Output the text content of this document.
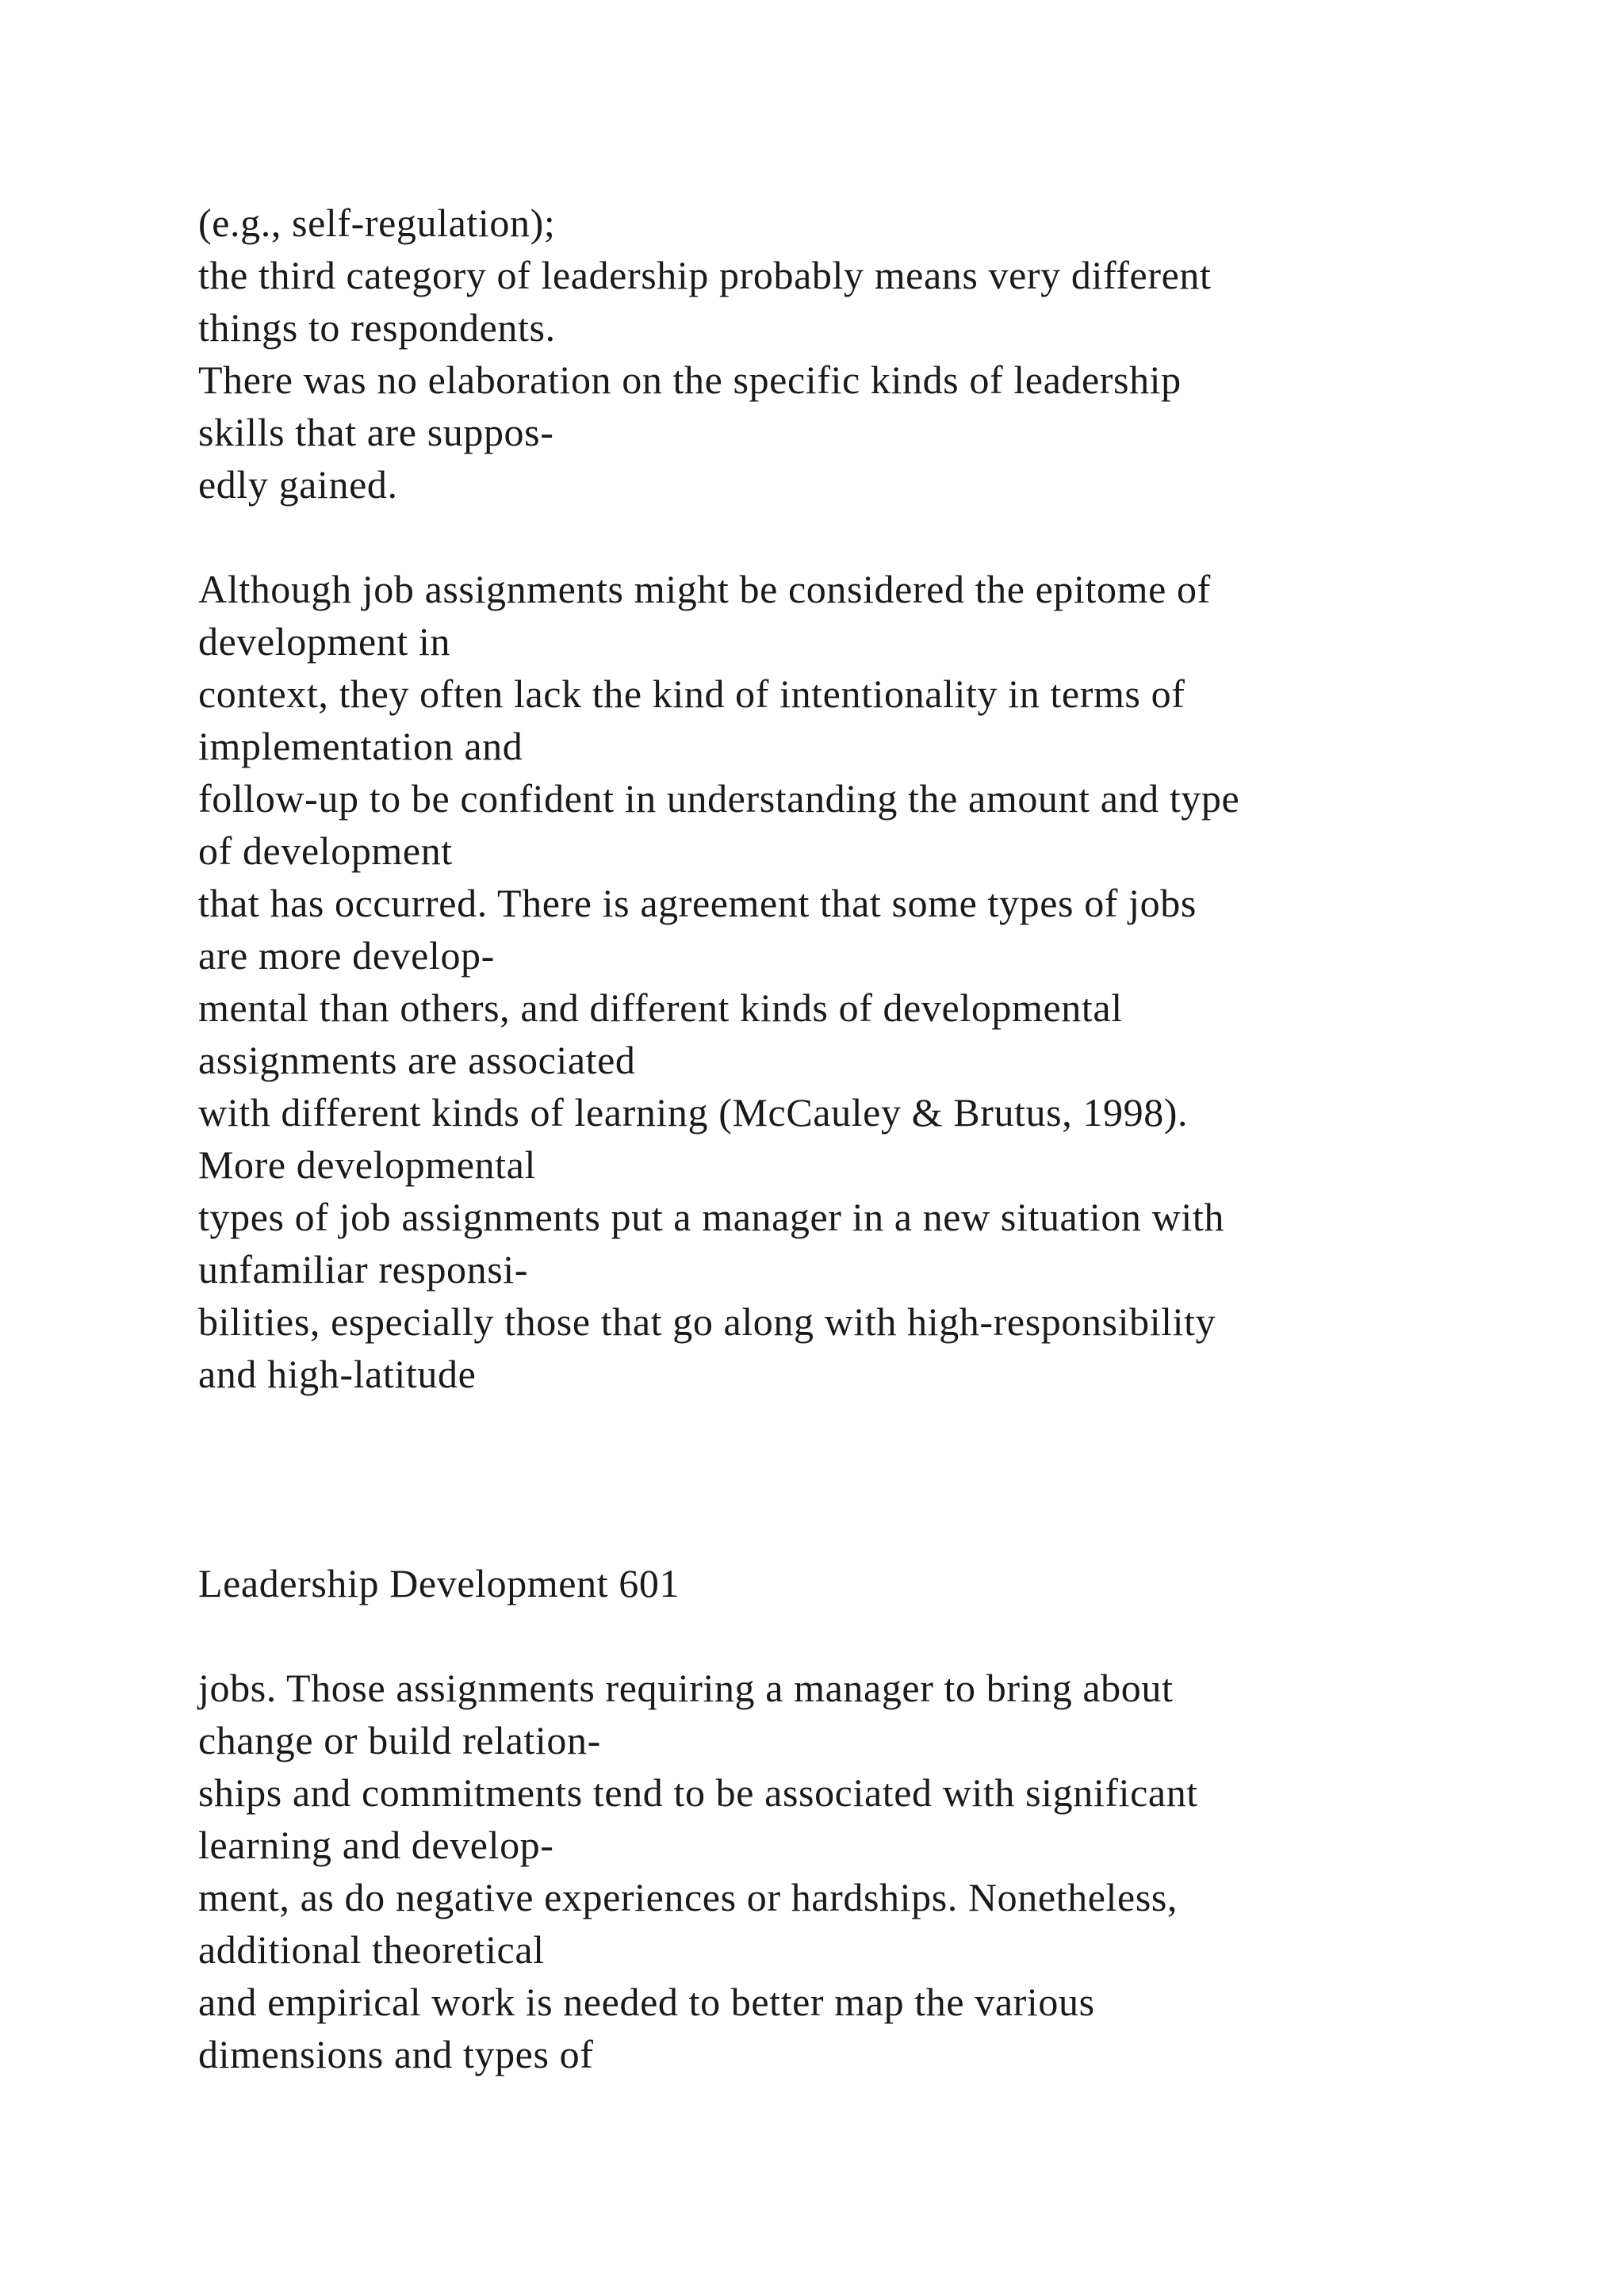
(e.g., self-regulation);
the third category of leadership probably means very different
things to respondents.
There was no elaboration on the specific kinds of leadership
skills that are suppos-
edly gained.
Although job assignments might be considered the epitome of
development in
context, they often lack the kind of intentionality in terms of
implementation and
follow-up to be confident in understanding the amount and type
of development
that has occurred. There is agreement that some types of jobs
are more develop-
mental than others, and different kinds of developmental
assignments are associated
with different kinds of learning (McCauley & Brutus, 1998).
More developmental
types of job assignments put a manager in a new situation with
unfamiliar responsi-
bilities, especially those that go along with high-responsibility
and high-latitude
Leadership Development 601
jobs. Those assignments requiring a manager to bring about
change or build relation-
ships and commitments tend to be associated with significant
learning and develop-
ment, as do negative experiences or hardships. Nonetheless,
additional theoretical
and empirical work is needed to better map the various
dimensions and types of
